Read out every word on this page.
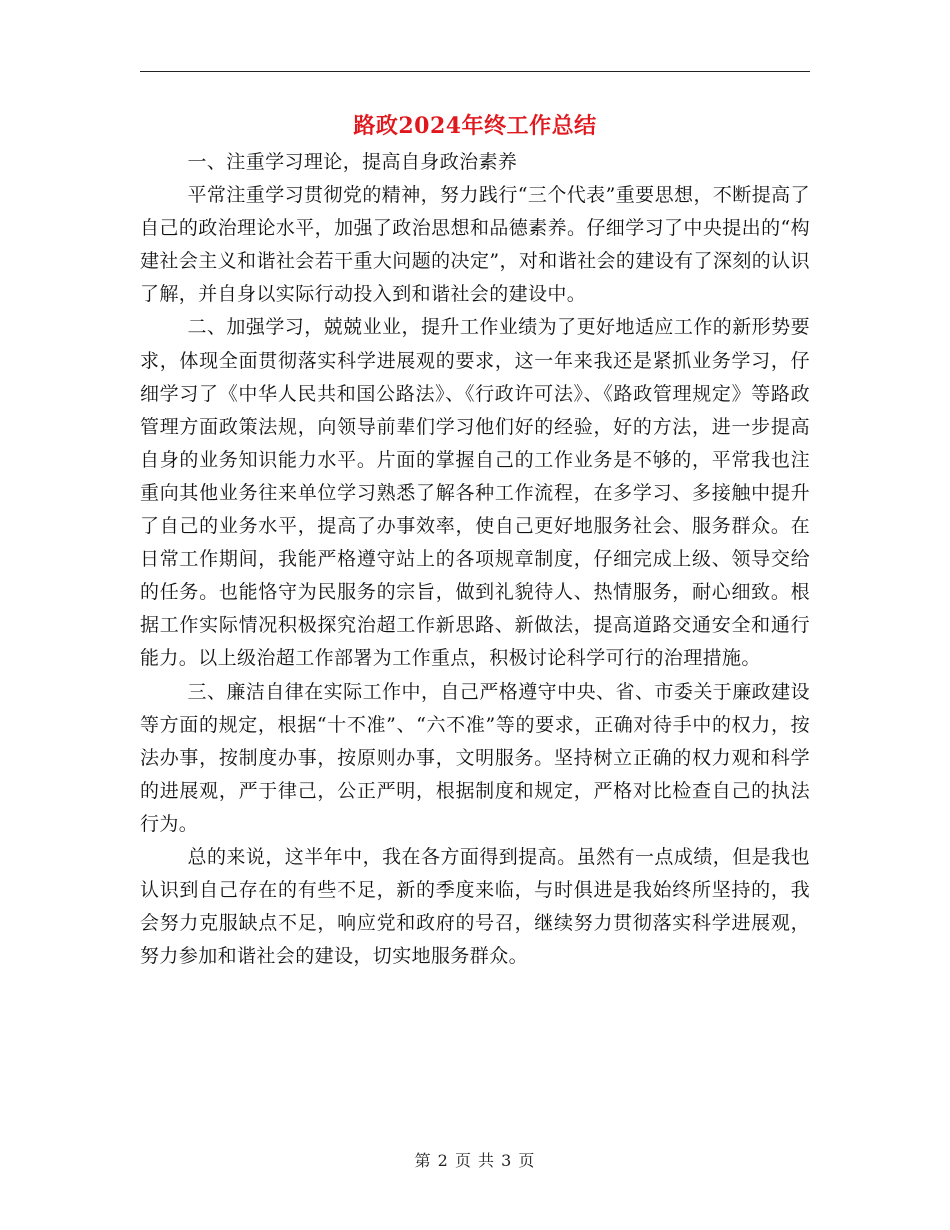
路政2024年终工作总结

一、注重学习理论，提高自身政治素养

平常注重学习贯彻党的精神，努力践行“三个代表”重要思想，不断提高了自己的政治理论水平，加强了政治思想和品德素养。仔细学习了中央提出的“构建社会主义和谐社会若干重大问题的决定”，对和谐社会的建设有了深刻的认识了解，并自身以实际行动投入到和谐社会的建设中。

二、加强学习，兢兢业业，提升工作业绩为了更好地适应工作的新形势要求，体现全面贯彻落实科学进展观的要求，这一年来我还是紧抓业务学习，仔细学习了《中华人民共和国公路法》、《行政许可法》、《路政管理规定》等路政管理方面政策法规，向领导前辈们学习他们好的经验，好的方法，进一步提高自身的业务知识能力水平。片面的掌握自己的工作业务是不够的，平常我也注重向其他业务往来单位学习熟悉了解各种工作流程，在多学习、多接触中提升了自己的业务水平，提高了办事效率，使自己更好地服务社会、服务群众。在日常工作期间，我能严格遵守站上的各项规章制度，仔细完成上级、领导交给的任务。也能恪守为民服务的宗旨，做到礼貌待人、热情服务，耐心细致。根据工作实际情况积极探究治超工作新思路、新做法，提高道路交通安全和通行能力。以上级治超工作部署为工作重点，积极讨论科学可行的治理措施。

三、廉洁自律在实际工作中，自己严格遵守中央、省、市委关于廉政建设等方面的规定，根据“十不准”、“六不准”等的要求，正确对待手中的权力，按法办事，按制度办事，按原则办事，文明服务。坚持树立正确的权力观和科学的进展观，严于律己，公正严明，根据制度和规定，严格对比检查自己的执法行为。

总的来说，这半年中，我在各方面得到提高。虽然有一点成绩，但是我也认识到自己存在的有些不足，新的季度来临，与时俱进是我始终所坚持的，我会努力克服缺点不足，响应党和政府的号召，继续努力贯彻落实科学进展观，努力参加和谐社会的建设，切实地服务群众。

第 2 页 共 3 页
